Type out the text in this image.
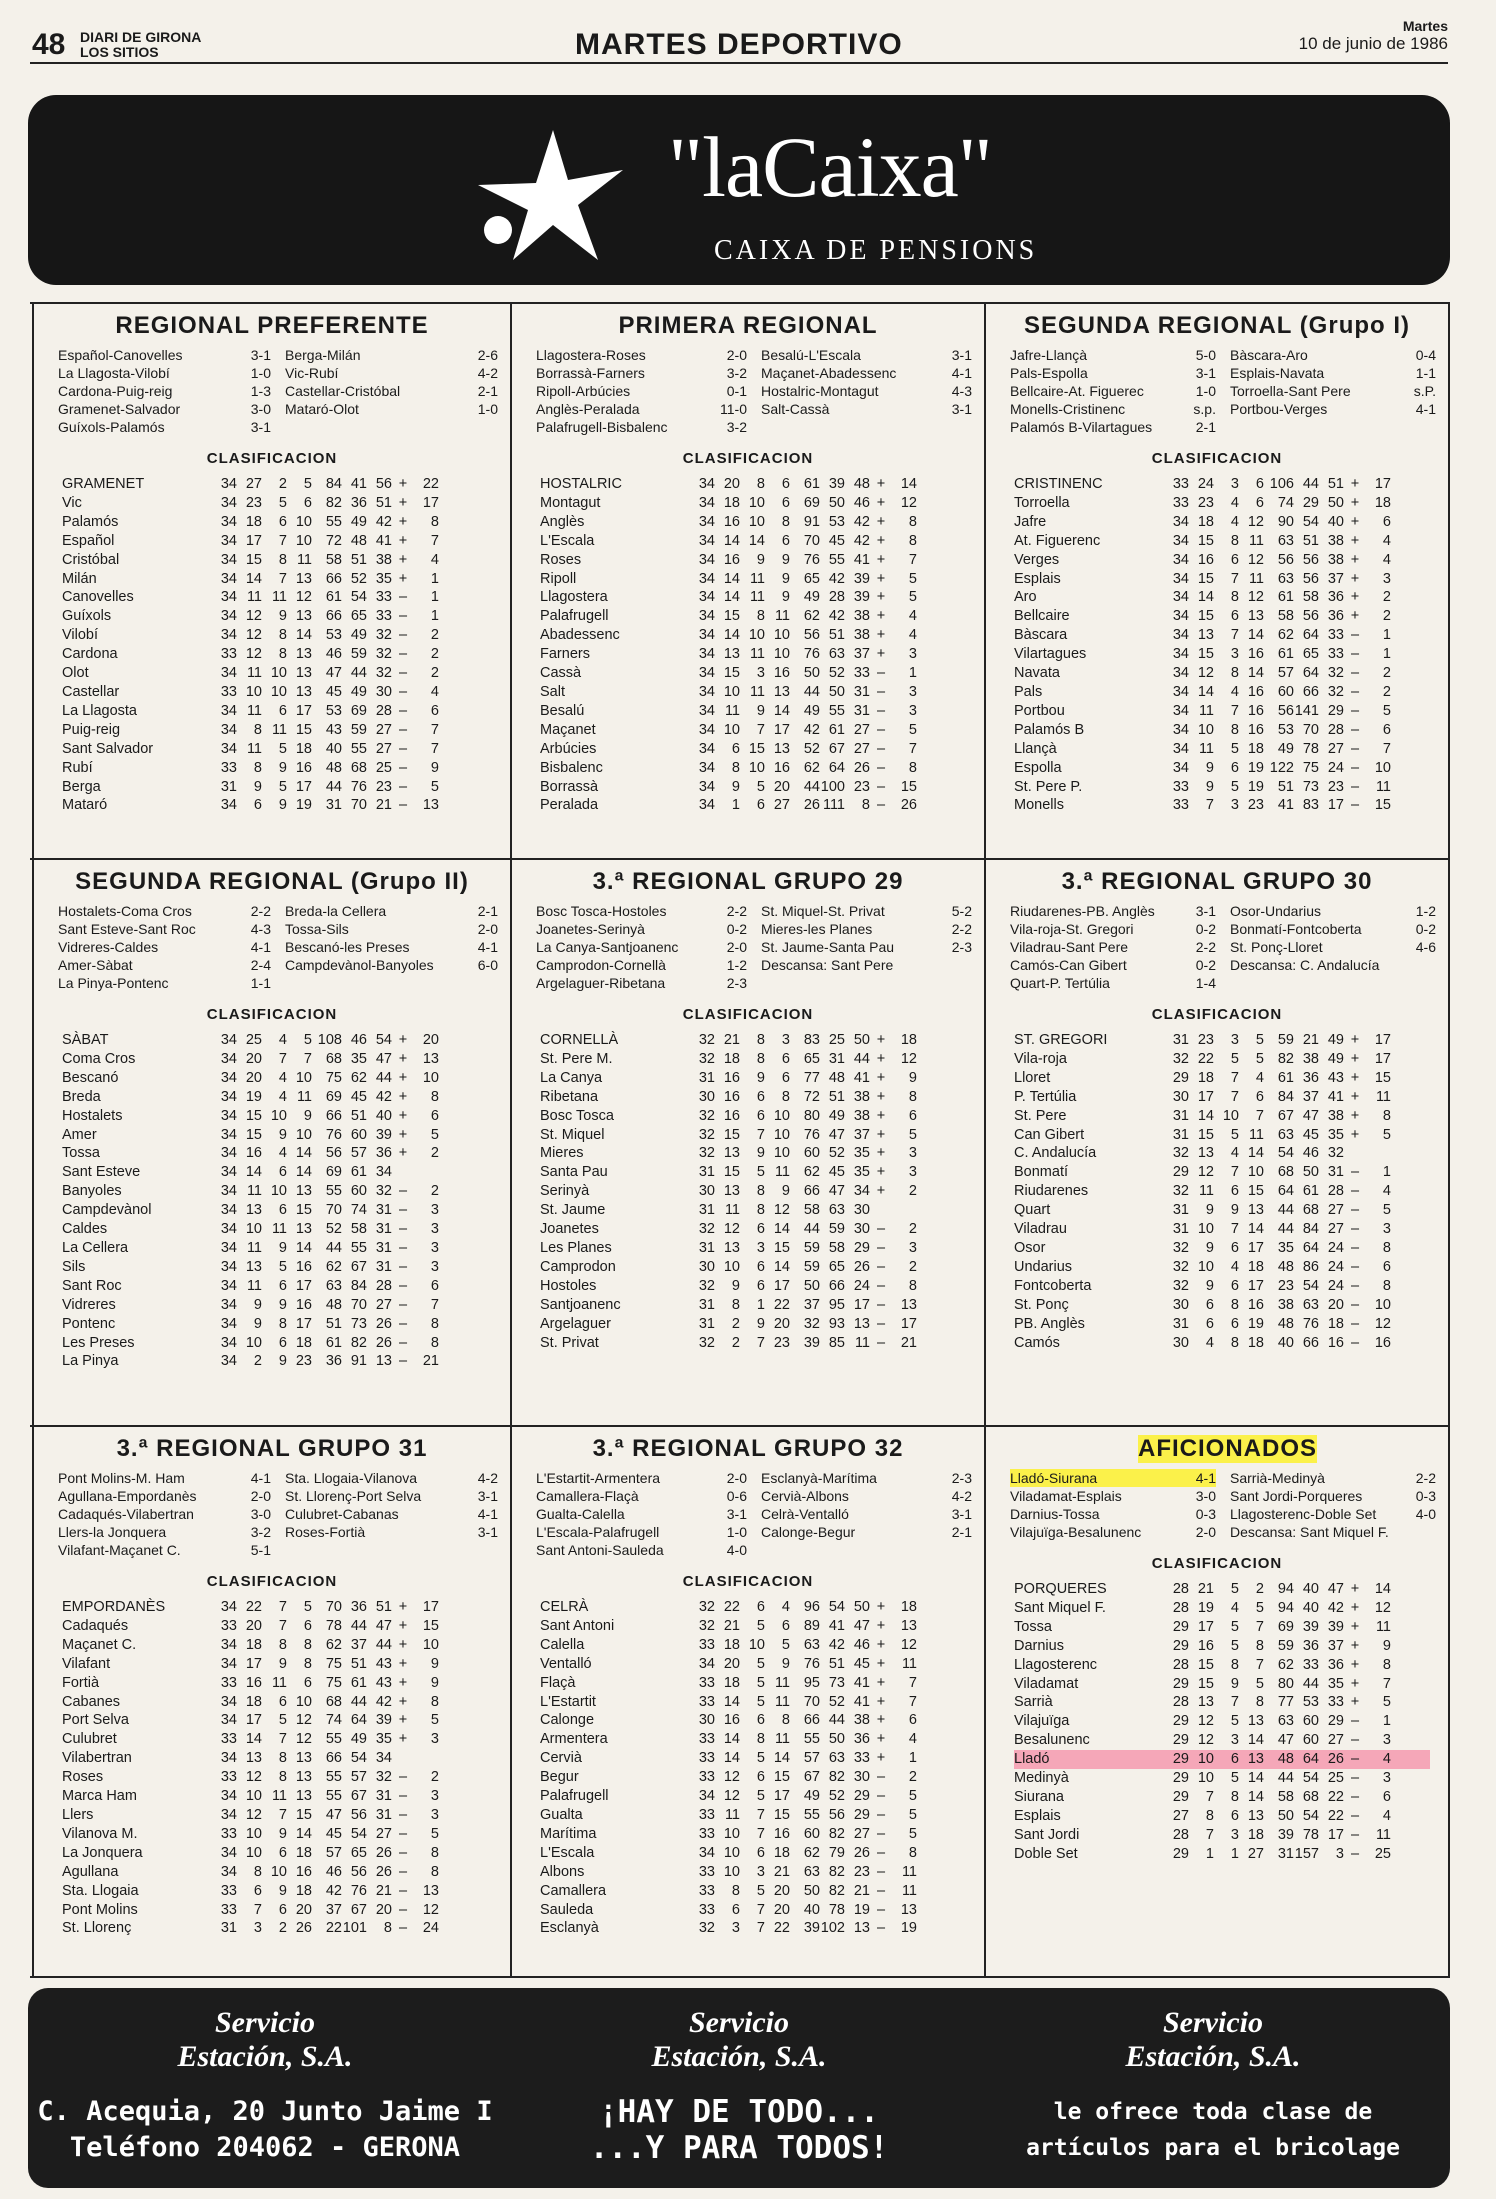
48 DIARI DE GIRONA
LOS SITIOS	MARTES DEPORTIVO
Martes
10 de junio de 1986
"laCaixa"
CAIXA DE PENSIONS
REGIONAL PREFERENTE
Español-Canovelles	3-1 Berga-Milán	2-6
La Llagosta-Vilobí	1-0 Vic-Rubí	4-2
Cardona-Puig-reig	1-3 Castellar-Cristóbal	2-1
Gramenet-Salvador	3-0 Mataró-Olot	1-0
Guíxols-Palamós	3-1
CLASIFICACION
GRAMENET	34 27	2	5 84 41 56 +	22
Vic	34 23	5	6 82 36 51 +	17
Palamós	34 18	6 10 55 49 42 +	8
Español	34 17	7 10 72 48 41 +	7
Cristóbal	34 15	8 11 58 51 38 +	4
Milán	34 14	7 13 66 52 35 +	1
Canovelles	34 11 11 12 61 54 33 –	1
Guíxols	34 12	9 13 66 65 33 –	1
Vilobí	34 12	8 14 53 49 32 –	2
Cardona	33 12	8 13 46 59 32 –	2
Olot	34 11 10 13 47 44 32 –	2
Castellar	33 10 10 13 45 49 30 –	4
La Llagosta	34 11	6 17 53 69 28 –	6
Puig-reig	34	8 11 15 43 59 27 –	7
Sant Salvador	34 11	5 18 40 55 27 –	7
Rubí	33	8	9 16 48 68 25 –	9
Berga	31	9	5 17 44 76 23 –	5
Mataró	34	6	9 19 31 70 21 –	13
PRIMERA REGIONAL
Llagostera-Roses	2-0 Besalú-L'Escala	3-1
Borrassà-Farners	3-2 Maçanet-Abadessenc	4-1
Ripoll-Arbúcies	0-1 Hostalric-Montagut	4-3
Anglès-Peralada	11-0 Salt-Cassà	3-1
Palafrugell-Bisbalenc	3-2
CLASIFICACION
HOSTALRIC	34 20	8	6 61 39 48 +	14
Montagut	34 18 10	6 69 50 46 +	12
Anglès	34 16 10	8 91 53 42 +	8
L'Escala	34 14 14	6 70 45 42 +	8
Roses	34 16	9	9 76 55 41 +	7
Ripoll	34 14 11	9 65 42 39 +	5
Llagostera	34 14 11	9 49 28 39 +	5
Palafrugell	34 15	8 11 62 42 38 +	4
Abadessenc	34 14 10 10 56 51 38 +	4
Farners	34 13 11 10 76 63 37 +	3
Cassà	34 15	3 16 50 52 33 –	1
Salt	34 10 11 13 44 50 31 –	3
Besalú	34 11	9 14 49 55 31 –	3
Maçanet	34 10	7 17 42 61 27 –	5
Arbúcies	34	6 15 13 52 67 27 –	7
Bisbalenc	34	8 10 16 62 64 26 –	8
Borrassà	34	9	5 20 44 100 23 –	15
Peralada	34	1	6 27 26 111	8 –	26
SEGUNDA REGIONAL (Grupo I)
Jafre-Llançà	5-0 Bàscara-Aro	0-4
Pals-Espolla	3-1 Esplais-Navata	1-1
Bellcaire-At. Figuerec	1-0 Torroella-Sant Pere	s.P.
Monells-Cristinenc	s.p. Portbou-Verges	4-1
Palamós B-Vilartagues	2-1
CLASIFICACION
CRISTINENC	33 24	3	6 106 44 51 +	17
Torroella	33 23	4	6 74 29 50 +	18
Jafre	34 18	4 12 90 54 40 +	6
At. Figuerenc	34 15	8 11 63 51 38 +	4
Verges	34 16	6 12 56 56 38 +	4
Esplais	34 15	7 11 63 56 37 +	3
Aro	34 14	8 12 61 58 36 +	2
Bellcaire	34 15	6 13 58 56 36 +	2
Bàscara	34 13	7 14 62 64 33 –	1
Vilartagues	34 15	3 16 61 65 33 –	1
Navata	34 12	8 14 57 64 32 –	2
Pals	34 14	4 16 60 66 32 –	2
Portbou	34 11	7 16 56 141 29 –	5
Palamós B	34 10	8 16 53 70 28 –	6
Llançà	34 11	5 18 49 78 27 –	7
Espolla	34	9	6 19 122 75 24 –	10
St. Pere P.	33	9	5 19 51 73 23 –	11
Monells	33	7	3 23 41 83 17 –	15
SEGUNDA REGIONAL (Grupo II)
Hostalets-Coma Cros	2-2 Breda-la Cellera	2-1
Sant Esteve-Sant Roc	4-3 Tossa-Sils	2-0
Vidreres-Caldes	4-1 Bescanó-les Preses	4-1
Amer-Sàbat	2-4 Campdevànol-Banyoles	6-0
La Pinya-Pontenc	1-1
CLASIFICACION
SÀBAT	34 25	4	5 108 46 54 +	20
Coma Cros	34 20	7	7 68 35 47 +	13
Bescanó	34 20	4 10 75 62 44 +	10
Breda	34 19	4 11 69 45 42 +	8
Hostalets	34 15 10	9 66 51 40 +	6
Amer	34 15	9 10 76 60 39 +	5
Tossa	34 16	4 14 56 57 36 +	2
Sant Esteve	34 14	6 14 69 61 34
Banyoles	34 11 10 13 55 60 32 –	2
Campdevànol	34 13	6 15 70 74 31 –	3
Caldes	34 10 11 13 52 58 31 –	3
La Cellera	34 11	9 14 44 55 31 –	3
Sils	34 13	5 16 62 67 31 –	3
Sant Roc	34 11	6 17 63 84 28 –	6
Vidreres	34	9	9 16 48 70 27 –	7
Pontenc	34	9	8 17 51 73 26 –	8
Les Preses	34 10	6 18 61 82 26 –	8
La Pinya	34	2	9 23 36 91 13 –	21
3.ª REGIONAL GRUPO 29
Bosc Tosca-Hostoles	2-2 St. Miquel-St. Privat	5-2
Joanetes-Serinyà	0-2 Mieres-les Planes	2-2
La Canya-Santjoanenc	2-0 St. Jaume-Santa Pau	2-3
Camprodon-Cornellà	1-2 Descansa: Sant Pere
Argelaguer-Ribetana	2-3
CLASIFICACION
CORNELLÀ	32 21	8	3 83 25 50 +	18
St. Pere M.	32 18	8	6 65 31 44 +	12
La Canya	31 16	9	6 77 48 41 +	9
Ribetana	30 16	6	8 72 51 38 +	8
Bosc Tosca	32 16	6 10 80 49 38 +	6
St. Miquel	32 15	7 10 76 47 37 +	5
Mieres	32 13	9 10 60 52 35 +	3
Santa Pau	31 15	5 11 62 45 35 +	3
Serinyà	30 13	8	9 66 47 34 +	2
St. Jaume	31 11	8 12 58 63 30
Joanetes	32 12	6 14 44 59 30 –	2
Les Planes	31 13	3 15 59 58 29 –	3
Camprodon	30 10	6 14 59 65 26 –	2
Hostoles	32	9	6 17 50 66 24 –	8
Santjoanenc	31	8	1 22 37 95 17 –	13
Argelaguer	31	2	9 20 32 93 13 –	17
St. Privat	32	2	7 23 39 85 11 –	21
3.ª REGIONAL GRUPO 30
Riudarenes-PB. Anglès	3-1 Osor-Undarius	1-2
Vila-roja-St. Gregori	0-2 Bonmatí-Fontcoberta	0-2
Viladrau-Sant Pere	2-2 St. Ponç-Lloret	4-6
Camós-Can Gibert	0-2 Descansa: C. Andalucía
Quart-P. Tertúlia	1-4
CLASIFICACION
ST. GREGORI	31 23	3	5 59 21 49 +	17
Vila-roja	32 22	5	5 82 38 49 +	17
Lloret	29 18	7	4 61 36 43 +	15
P. Tertúlia	30 17	7	6 84 37 41 +	11
St. Pere	31 14 10	7 67 47 38 +	8
Can Gibert	31 15	5 11 63 45 35 +	5
C. Andalucía	32 13	4 14 54 46 32
Bonmatí	29 12	7 10 68 50 31 –	1
Riudarenes	32 11	6 15 64 61 28 –	4
Quart	31	9	9 13 44 68 27 –	5
Viladrau	31 10	7 14 44 84 27 –	3
Osor	32	9	6 17 35 64 24 –	8
Undarius	32 10	4 18 48 86 24 –	6
Fontcoberta	32	9	6 17 23 54 24 –	8
St. Ponç	30	6	8 16 38 63 20 –	10
PB. Anglès	31	6	6 19 48 76 18 –	12
Camós	30	4	8 18 40 66 16 –	16
3.ª REGIONAL GRUPO 31
Pont Molins-M. Ham	4-1 Sta. Llogaia-Vilanova	4-2
Agullana-Empordanès	2-0 St. Llorenç-Port Selva	3-1
Cadaqués-Vilabertran	3-0 Culubret-Cabanas	4-1
Llers-la Jonquera	3-2 Roses-Fortià	3-1
Vilafant-Maçanet C.	5-1
CLASIFICACION
EMPORDANÈS	34 22	7	5 70 36 51 +	17
Cadaqués	33 20	7	6 78 44 47 +	15
Maçanet C.	34 18	8	8 62 37 44 +	10
Vilafant	34 17	9	8 75 51 43 +	9
Fortià	33 16 11	6 75 61 43 +	9
Cabanes	34 18	6 10 68 44 42 +	8
Port Selva	34 17	5 12 74 64 39 +	5
Culubret	33 14	7 12 55 49 35 +	3
Vilabertran	34 13	8 13 66 54 34
Roses	33 12	8 13 55 57 32 –	2
Marca Ham	34 10 11 13 55 67 31 –	3
Llers	34 12	7 15 47 56 31 –	3
Vilanova M.	33 10	9 14 45 54 27 –	5
La Jonquera	34 10	6 18 57 65 26 –	8
Agullana	34	8 10 16 46 56 26 –	8
Sta. Llogaia	33	6	9 18 42 76 21 –	13
Pont Molins	33	7	6 20 37 67 20 –	12
St. Llorenç	31	3	2 26 22 101	8 –	24
3.ª REGIONAL GRUPO 32
L'Estartit-Armentera	2-0 Esclanyà-Marítima	2-3
Camallera-Flaçà	0-6 Cervià-Albons	4-2
Gualta-Calella	3-1 Celrà-Ventalló	3-1
L'Escala-Palafrugell	1-0 Calonge-Begur	2-1
Sant Antoni-Sauleda	4-0
CLASIFICACION
CELRÀ	32 22	6	4 96 54 50 +	18
Sant Antoni	32 21	5	6 89 41 47 +	13
Calella	33 18 10	5 63 42 46 +	12
Ventalló	34 20	5	9 76 51 45 +	11
Flaçà	33 18	5 11 95 73 41 +	7
L'Estartit	33 14	5 11 70 52 41 +	7
Calonge	30 16	6	8 66 44 38 +	6
Armentera	33 14	8 11 55 50 36 +	4
Cervià	33 14	5 14 57 63 33 +	1
Begur	33 12	6 15 67 82 30 –	2
Palafrugell	34 12	5 17 49 52 29 –	5
Gualta	33 11	7 15 55 56 29 –	5
Marítima	33 10	7 16 60 82 27 –	5
L'Escala	34 10	6 18 62 79 26 –	8
Albons	33 10	3 21 63 82 23 –	11
Camallera	33	8	5 20 50 82 21 –	11
Sauleda	33	6	7 20 40 78 19 –	13
Esclanyà	32	3	7 22 39 102 13 –	19
AFICIONADOS
Lladó-Siurana	4-1 Sarrià-Medinyà	2-2
Viladamat-Esplais	3-0 Sant Jordi-Porqueres	0-3
Darnius-Tossa	0-3 Llagosterenc-Doble Set	4-0
Vilajuïga-Besalunenc	2-0 Descansa: Sant Miquel F.
CLASIFICACION
PORQUERES	28 21	5	2 94 40 47 +	14
Sant Miquel F.	28 19	4	5 94 40 42 +	12
Tossa	29 17	5	7 69 39 39 +	11
Darnius	29 16	5	8 59 36 37 +	9
Llagosterenc	28 15	8	7 62 33 36 +	8
Viladamat	29 15	9	5 80 44 35 +	7
Sarrià	28 13	7	8 77 53 33 +	5
Vilajuïga	29 12	5 13 63 60 29 –	1
Besalunenc	29 12	3 14 47 60 27 –	3
Lladó	29 10	6 13 48 64 26 –	4
Medinyà	29 10	5 14 44 54 25 –	3
Siurana	29	7	8 14 58 68 22 –	6
Esplais	27	8	6 13 50 54 22 –	4
Sant Jordi	28	7	3 18 39 78 17 –	11
Doble Set	29	1	1 27 31 157	3 –	25
Servicio
Estación, S.A.
C. Acequia, 20 Junto Jaime I
Teléfono 204062 - GERONA
Servicio
Estación, S.A.
¡HAY DE TODO...
...Y PARA TODOS!
Servicio
Estación, S.A.
le ofrece toda clase de
artículos para el bricolage
